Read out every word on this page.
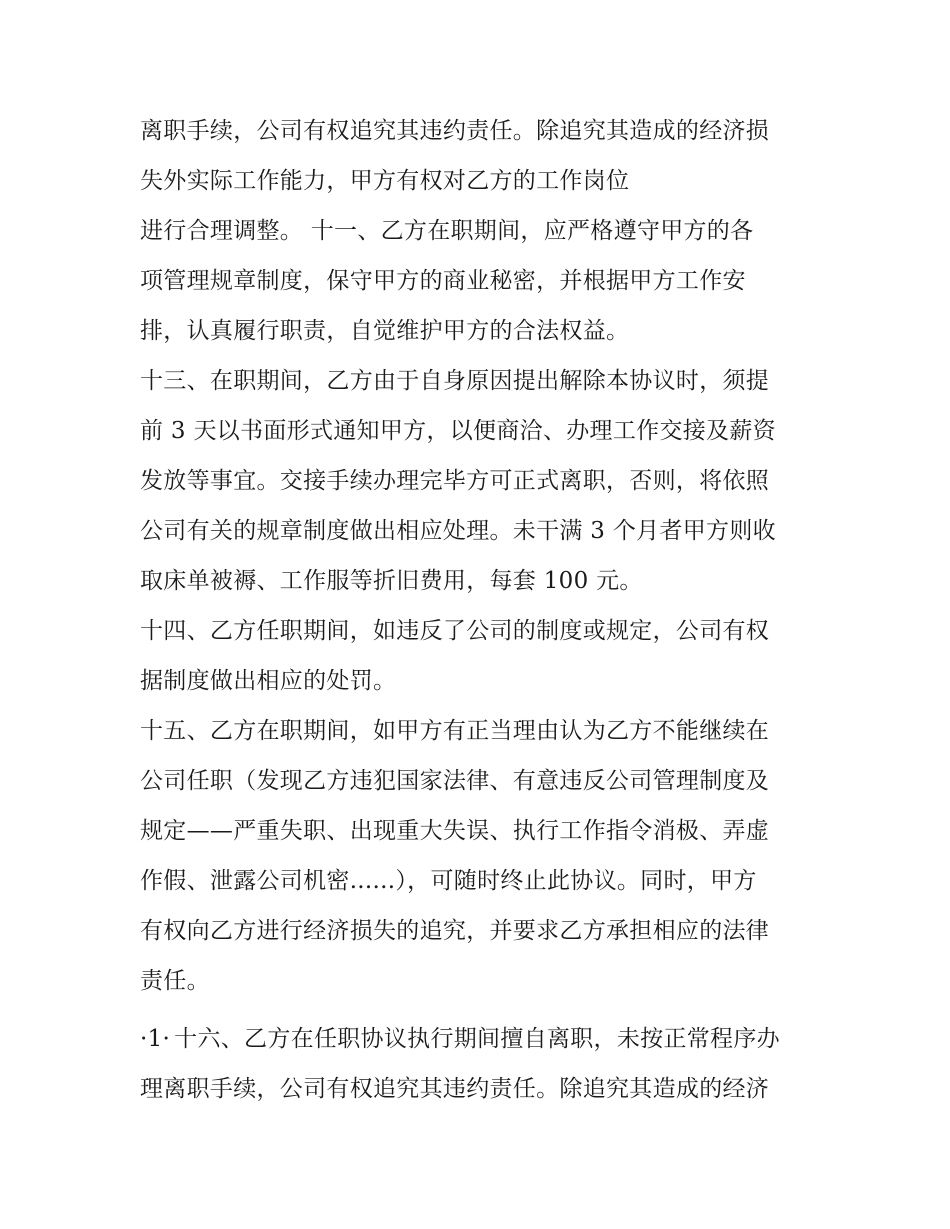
离职手续，公司有权追究其违约责任。除追究其造成的经济损
失外实际工作能力，甲方有权对乙方的工作岗位
进行合理调整。 十一、乙方在职期间，应严格遵守甲方的各
项管理规章制度，保守甲方的商业秘密，并根据甲方工作安
排，认真履行职责，自觉维护甲方的合法权益。
十三、在职期间，乙方由于自身原因提出解除本协议时，须提
前 3 天以书面形式通知甲方，以便商洽、办理工作交接及薪资
发放等事宜。交接手续办理完毕方可正式离职，否则，将依照
公司有关的规章制度做出相应处理。未干满 3 个月者甲方则收
取床单被褥、工作服等折旧费用，每套 100 元。
十四、乙方任职期间，如违反了公司的制度或规定，公司有权
据制度做出相应的处罚。
十五、乙方在职期间，如甲方有正当理由认为乙方不能继续在
公司任职（发现乙方违犯国家法律、有意违反公司管理制度及
规定——严重失职、出现重大失误、执行工作指令消极、弄虚
作假、泄露公司机密......），可随时终止此协议。同时，甲方
有权向乙方进行经济损失的追究，并要求乙方承担相应的法律
责任。
·1· 十六、乙方在任职协议执行期间擅自离职，未按正常程序办
理离职手续，公司有权追究其违约责任。除追究其造成的经济
